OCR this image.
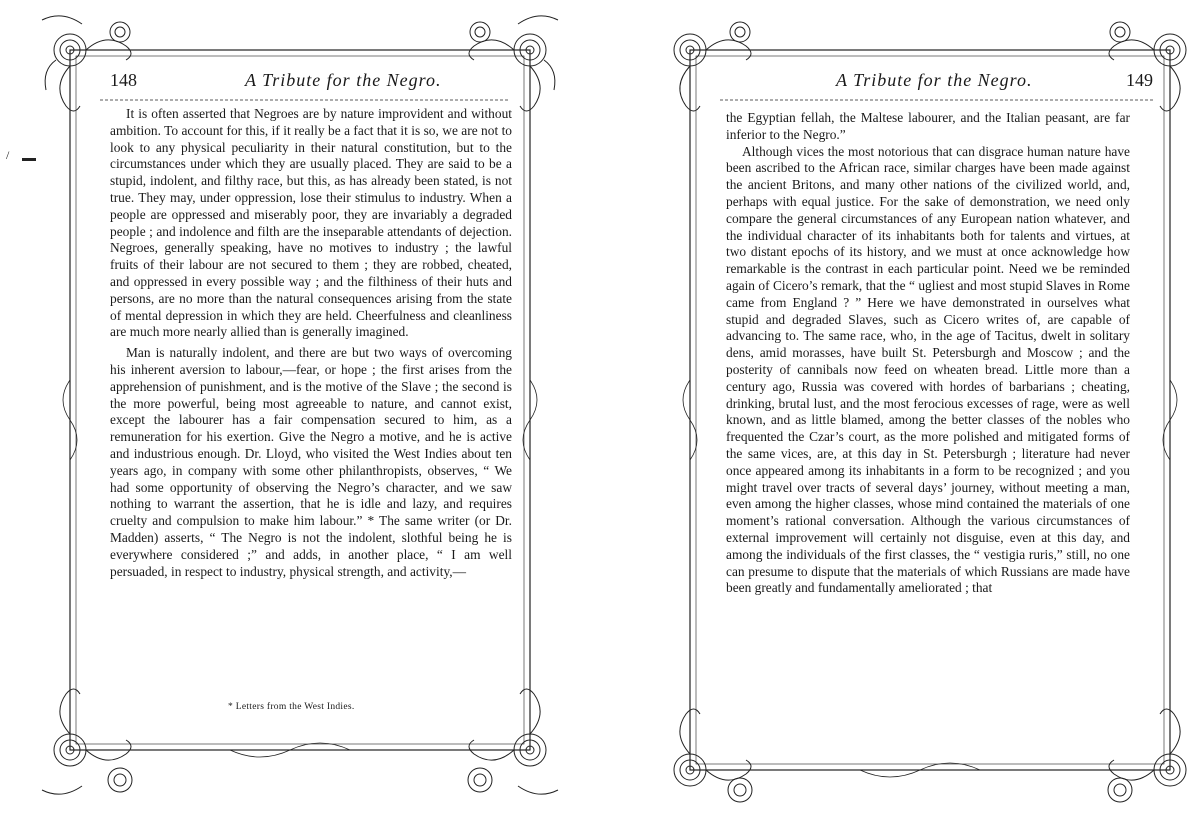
148	A Tribute for the Negro.

It is often asserted that Negroes are by nature improvident and without ambition. To account for this, if it really be a fact that it is so, we are not to look to any physical peculiarity in their natural constitution, but to the circumstances under which they are usually placed. They are said to be a stupid, indolent, and filthy race, but this, as has already been stated, is not true. They may, under oppression, lose their stimulus to industry. When a people are oppressed and miserably poor, they are invariably a degraded people ; and indolence and filth are the inseparable attendants of dejection. Negroes, generally speaking, have no motives to industry ; the lawful fruits of their labour are not secured to them ; they are robbed, cheated, and oppressed in every possible way ; and the filthiness of their huts and persons, are no more than the natural consequences arising from the state of mental depression in which they are held. Cheerfulness and cleanliness are much more nearly allied than is generally imagined.

Man is naturally indolent, and there are but two ways of overcoming his inherent aversion to labour,—fear, or hope ; the first arises from the apprehension of punishment, and is the motive of the Slave ; the second is the more powerful, being most agreeable to nature, and cannot exist, except the labourer has a fair compensation secured to him, as a remuneration for his exertion. Give the Negro a motive, and he is active and industrious enough. Dr. Lloyd, who visited the West Indies about ten years ago, in company with some other philanthropists, observes, “ We had some opportunity of observing the Negro’s character, and we saw nothing to warrant the assertion, that he is idle and lazy, and requires cruelty and compulsion to make him labour.” * The same writer (or Dr. Madden) asserts, “ The Negro is not the indolent, slothful being he is everywhere considered ;” and adds, in another place, “ I am well persuaded, in respect to industry, physical strength, and activity,—

* Letters from the West Indies.
/
A Tribute for the Negro.	149

the Egyptian fellah, the Maltese labourer, and the Italian peasant, are far inferior to the Negro.”

Although vices the most notorious that can disgrace human nature have been ascribed to the African race, similar charges have been made against the ancient Britons, and many other nations of the civilized world, and, perhaps with equal justice. For the sake of demonstration, we need only compare the general circumstances of any European nation whatever, and the individual character of its inhabitants both for talents and virtues, at two distant epochs of its history, and we must at once acknowledge how remarkable is the contrast in each particular point. Need we be reminded again of Cicero’s remark, that the “ ugliest and most stupid Slaves in Rome came from England ? ” Here we have demonstrated in ourselves what stupid and degraded Slaves, such as Cicero writes of, are capable of advancing to. The same race, who, in the age of Tacitus, dwelt in solitary dens, amid morasses, have built St. Petersburgh and Moscow ; and the posterity of cannibals now feed on wheaten bread. Little more than a century ago, Russia was covered with hordes of barbarians ; cheating, drinking, brutal lust, and the most ferocious excesses of rage, were as well known, and as little blamed, among the better classes of the nobles who frequented the Czar’s court, as the more polished and mitigated forms of the same vices, are, at this day in St. Petersburgh ; literature had never once appeared among its inhabitants in a form to be recognized ; and you might travel over tracts of several days’ journey, without meeting a man, even among the higher classes, whose mind contained the materials of one moment’s rational conversation. Although the various circumstances of external improvement will certainly not disguise, even at this day, and among the individuals of the first classes, the “ vestigia ruris,” still, no one can presume to dispute that the materials of which Russians are made have been greatly and fundamentally ameliorated ; that
